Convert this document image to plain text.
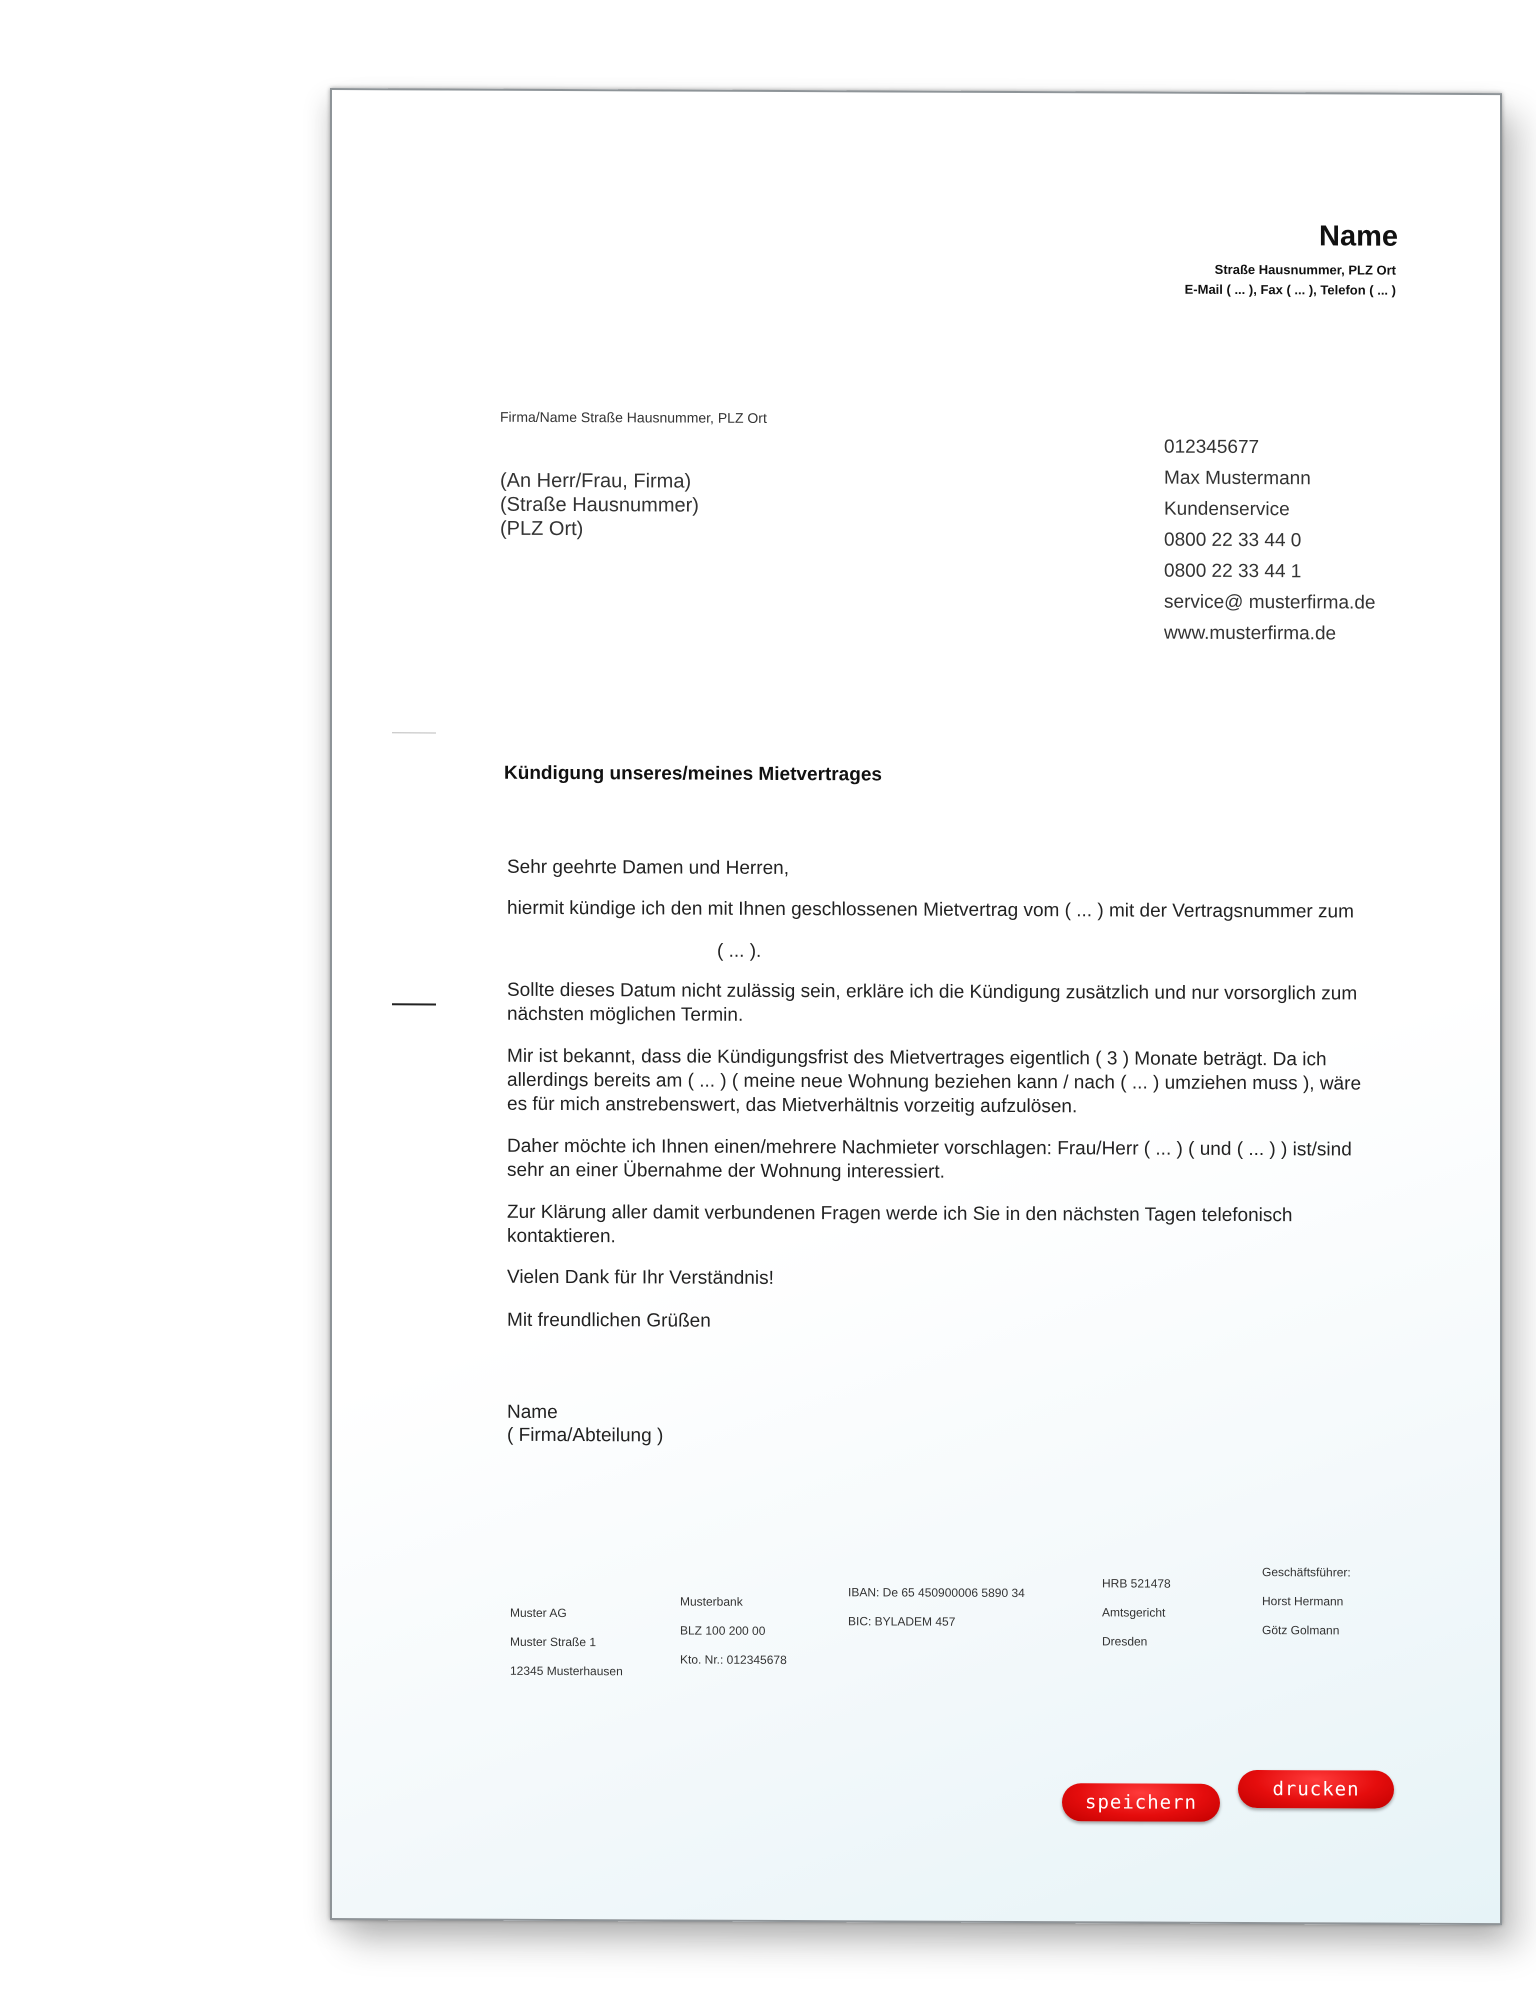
Name
Straße Hausnummer, PLZ Ort
E-Mail ( ... ), Fax ( ... ), Telefon ( ... )
Firma/Name Straße Hausnummer, PLZ Ort
(An Herr/Frau, Firma)
(Straße Hausnummer)
(PLZ Ort)
012345677
Max Mustermann
Kundenservice
0800 22 33 44 0
0800 22 33 44 1
service@ musterfirma.de
www.musterfirma.de
Kündigung unseres/meines Mietvertrages
Sehr geehrte Damen und Herren,
hiermit kündige ich den mit Ihnen geschlossenen Mietvertrag vom ( ... ) mit der Vertragsnummer zum
( ... ).
Sollte dieses Datum nicht zulässig sein, erkläre ich die Kündigung zusätzlich und nur vorsorglich zum nächsten möglichen Termin.
Mir ist bekannt, dass die Kündigungsfrist des Mietvertrages eigentlich ( 3 ) Monate beträgt. Da ich allerdings bereits am ( ... ) ( meine neue Wohnung beziehen kann / nach ( ... ) umziehen muss ), wäre es für mich anstrebenswert, das Mietverhältnis vorzeitig aufzulösen.
Daher möchte ich Ihnen einen/mehrere Nachmieter vorschlagen: Frau/Herr ( ... ) ( und ( ... ) ) ist/sind sehr an einer Übernahme der Wohnung interessiert.
Zur Klärung aller damit verbundenen Fragen werde ich Sie in den nächsten Tagen telefonisch kontaktieren.
Vielen Dank für Ihr Verständnis!
Mit freundlichen Grüßen
Name
( Firma/Abteilung )
Muster AG
Muster Straße 1
12345 Musterhausen
Musterbank
BLZ 100 200 00
Kto. Nr.: 012345678
IBAN: De 65 450900006 5890 34
BIC: BYLADEM 457
HRB 521478
Amtsgericht
Dresden
Geschäftsführer:
Horst Hermann
Götz Golmann
speichern
drucken
